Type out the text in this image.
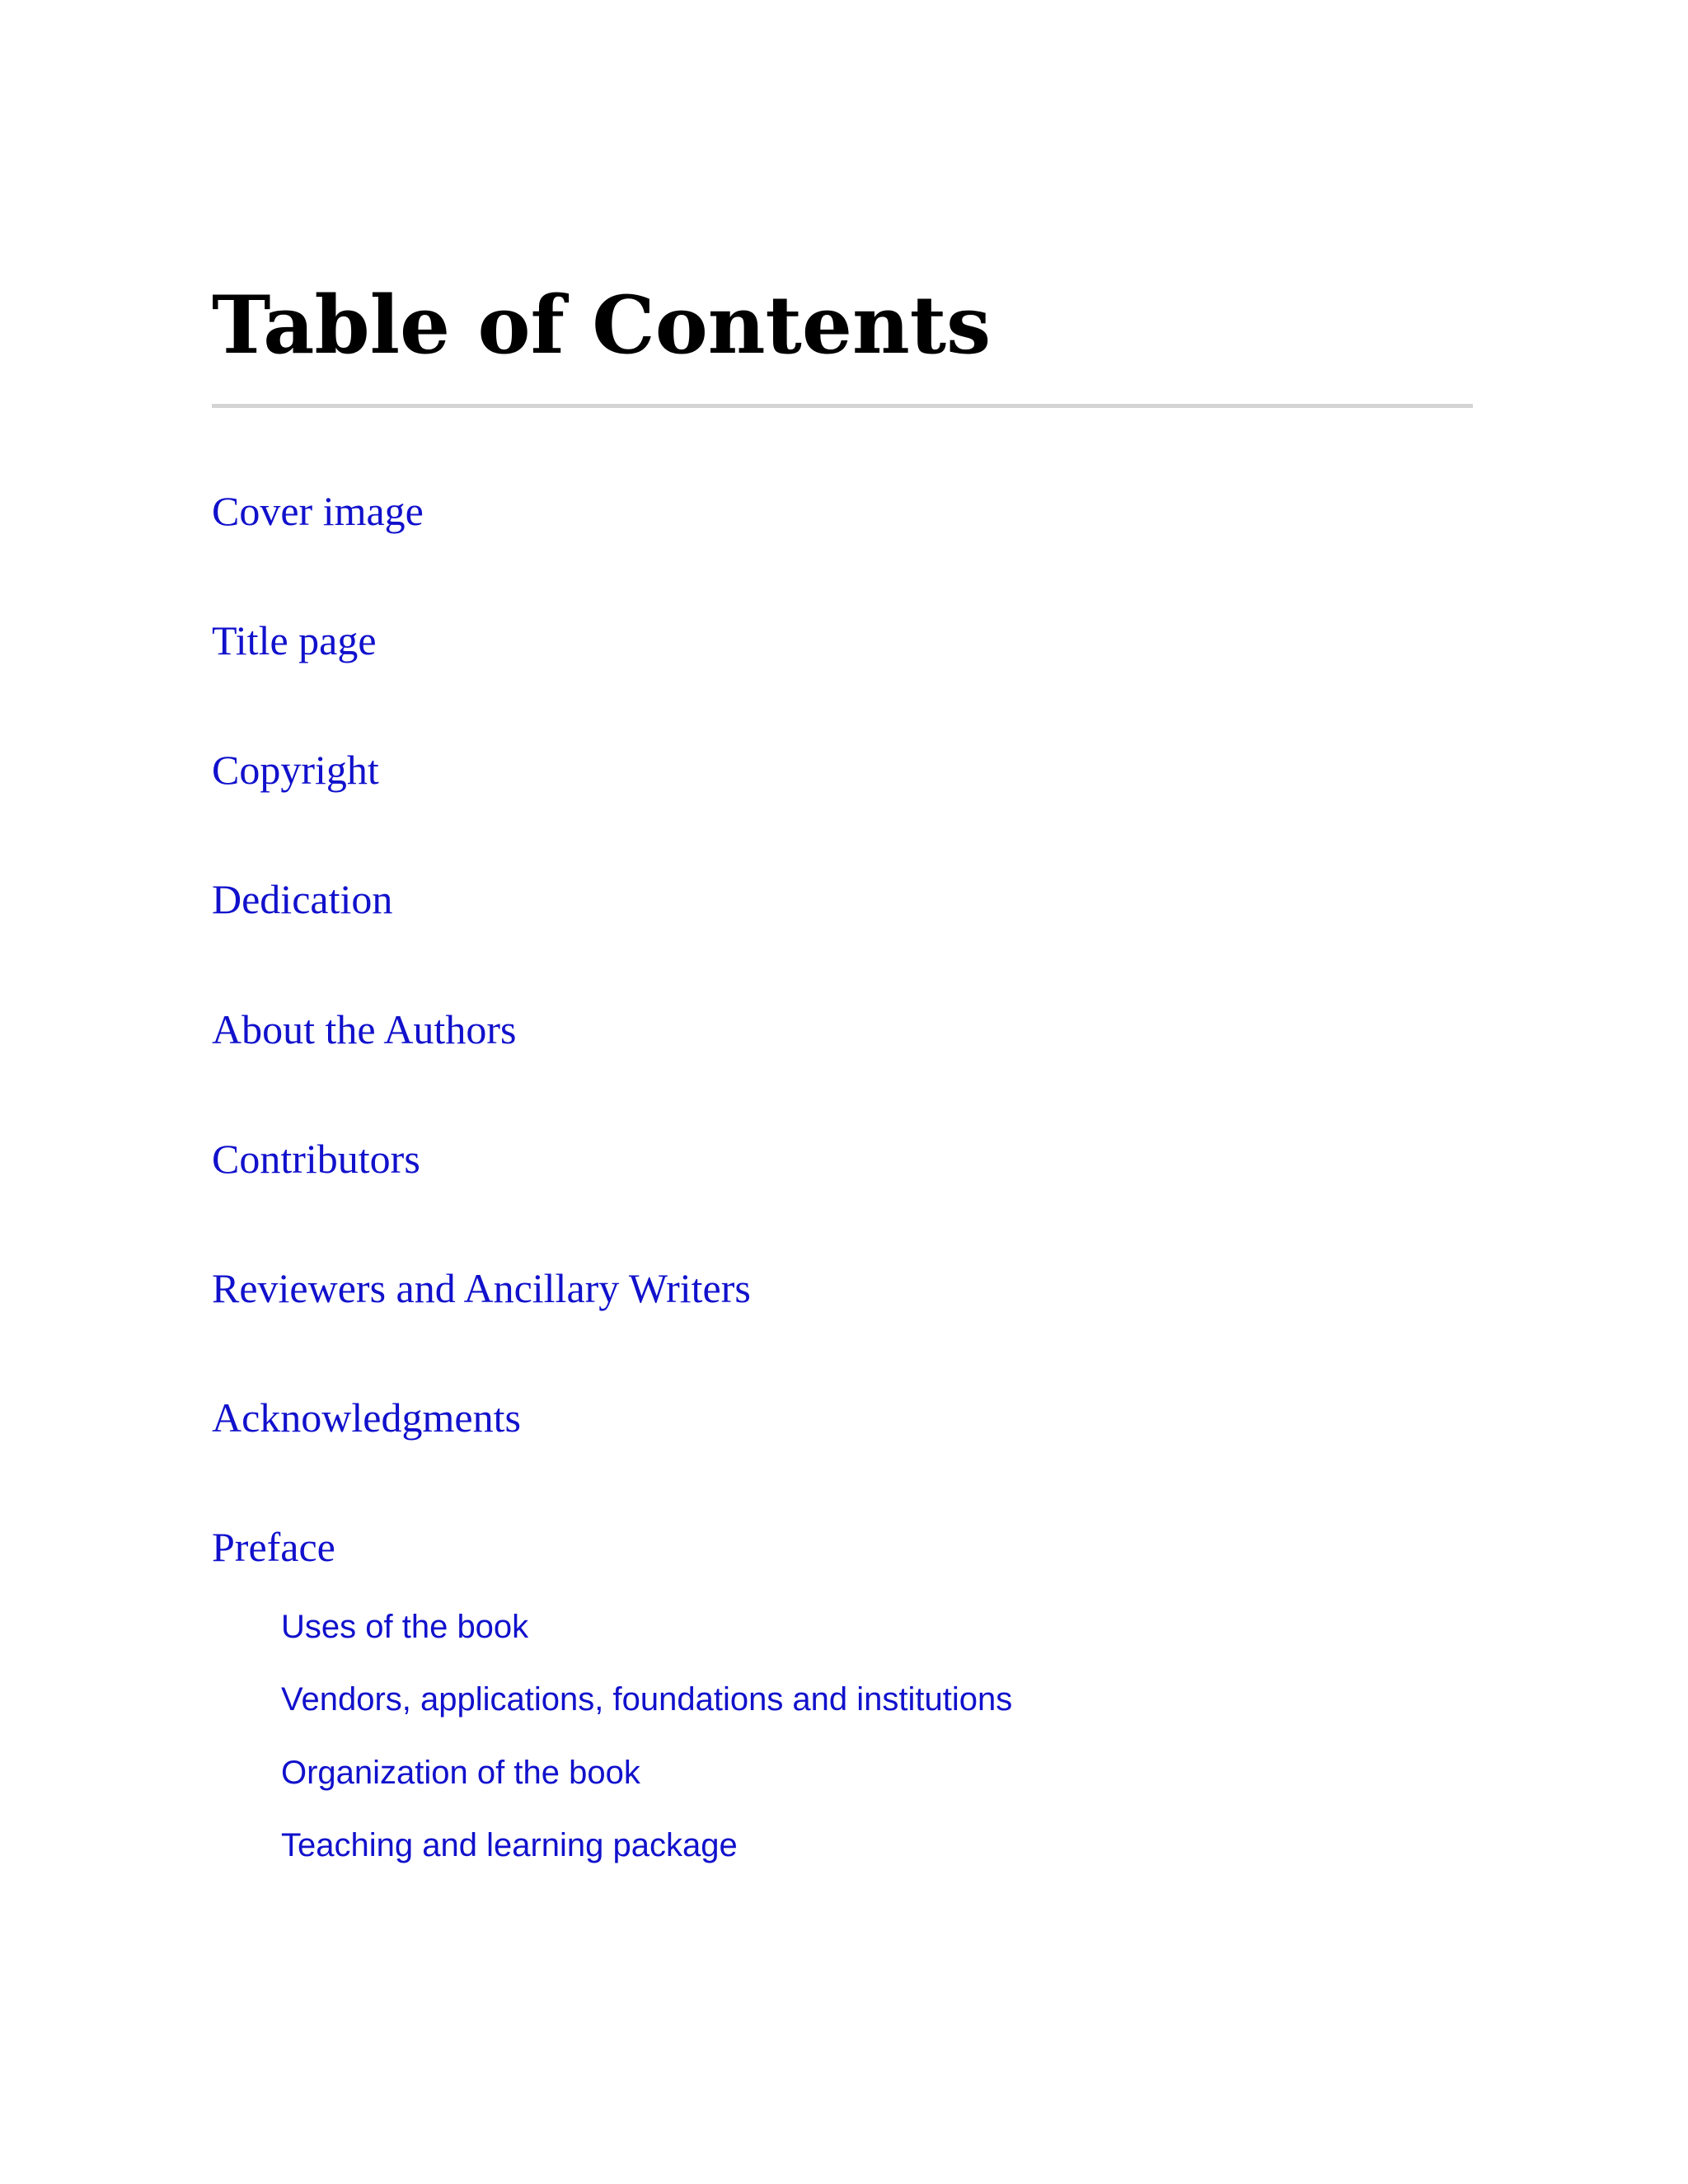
Table of Contents
Cover image
Title page
Copyright
Dedication
About the Authors
Contributors
Reviewers and Ancillary Writers
Acknowledgments
Preface
Uses of the book
Vendors, applications, foundations and institutions
Organization of the book
Teaching and learning package
